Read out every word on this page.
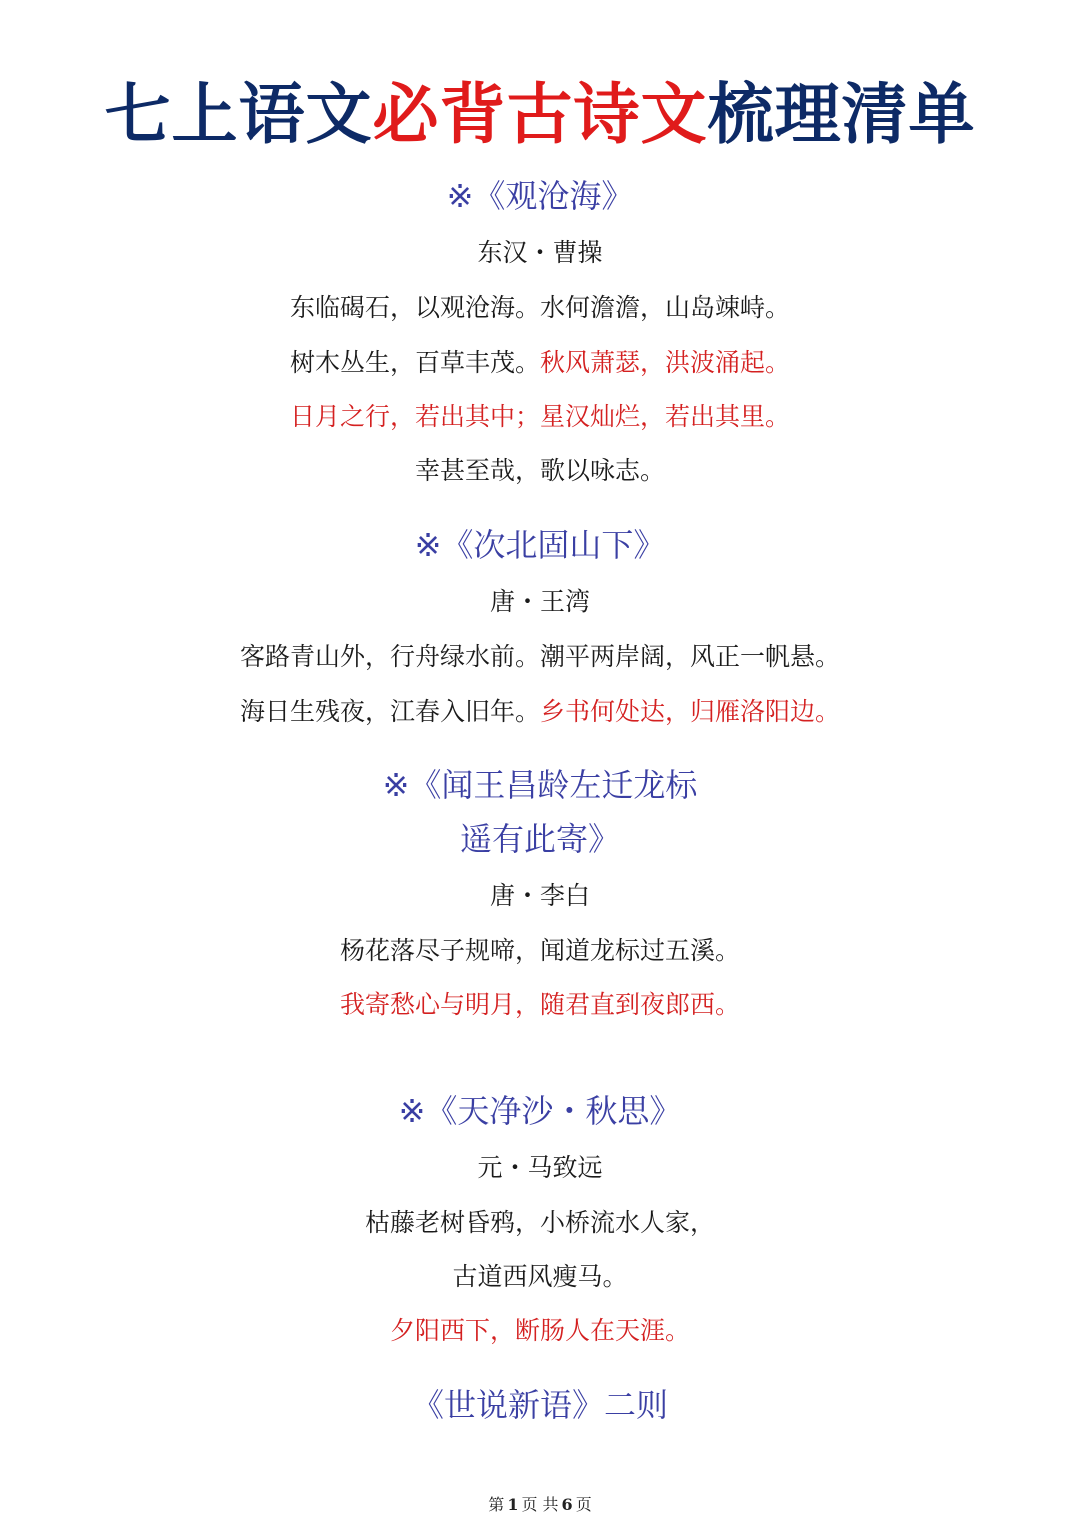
七上语文必背古诗文梳理清单
※《观沧海》
东汉・曹操
东临碣石，以观沧海。水何澹澹，山岛竦峙。
树木丛生，百草丰茂。秋风萧瑟，洪波涌起。
日月之行，若出其中；星汉灿烂，若出其里。
幸甚至哉，歌以咏志。
※《次北固山下》
唐・王湾
客路青山外，行舟绿水前。潮平两岸阔，风正一帆悬。
海日生残夜，江春入旧年。乡书何处达，归雁洛阳边。
※《闻王昌龄左迁龙标
遥有此寄》
唐・李白
杨花落尽子规啼，闻道龙标过五溪。
我寄愁心与明月，随君直到夜郎西。
※《天净沙・秋思》
元・马致远
枯藤老树昏鸦，小桥流水人家，
古道西风瘦马。
夕阳西下，断肠人在天涯。
《世说新语》二则
第 1 页 共 6 页
